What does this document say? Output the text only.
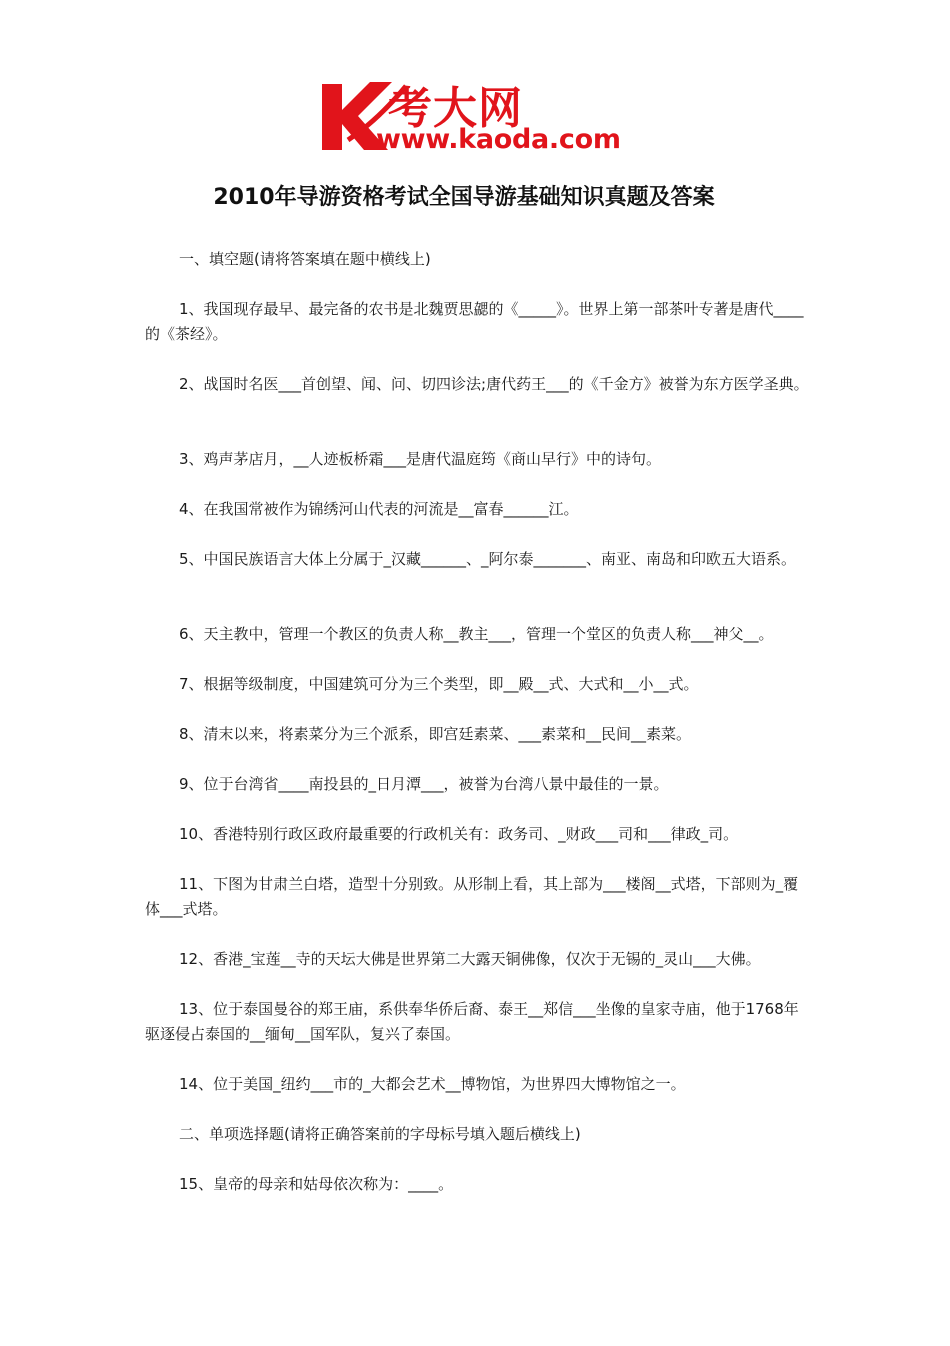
考大网
www.kaoda.com
2010年导游资格考试全国导游基础知识真题及答案
一、填空题(请将答案填在题中横线上)
1、我国现存最早、最完备的农书是北魏贾思勰的《_____》。世界上第一部茶叶专著是唐代____的《茶经》。
2、战国时名医___首创望、闻、问、切四诊法;唐代药王___的《千金方》被誉为东方医学圣典。
3、鸡声茅店月，__人迹板桥霜___是唐代温庭筠《商山早行》中的诗句。
4、在我国常被作为锦绣河山代表的河流是__富春______江。
5、中国民族语言大体上分属于_汉藏______、_阿尔泰_______、南亚、南岛和印欧五大语系。
6、天主教中，管理一个教区的负责人称__教主___，管理一个堂区的负责人称___神父__。
7、根据等级制度，中国建筑可分为三个类型，即__殿__式、大式和__小__式。
8、清末以来，将素菜分为三个派系，即宫廷素菜、___素菜和__民间__素菜。
9、位于台湾省____南投县的_日月潭___，被誉为台湾八景中最佳的一景。
10、香港特别行政区政府最重要的行政机关有：政务司、_财政___司和___律政_司。
11、下图为甘肃兰白塔，造型十分别致。从形制上看，其上部为___楼阁__式塔，下部则为_覆体___式塔。
12、香港_宝莲__寺的天坛大佛是世界第二大露天铜佛像，仅次于无锡的_灵山___大佛。
13、位于泰国曼谷的郑王庙，系供奉华侨后裔、泰王__郑信___坐像的皇家寺庙，他于1768年驱逐侵占泰国的__缅甸__国军队，复兴了泰国。
14、位于美国_纽约___市的_大都会艺术__博物馆，为世界四大博物馆之一。
二、单项选择题(请将正确答案前的字母标号填入题后横线上)
15、皇帝的母亲和姑母依次称为：____。
